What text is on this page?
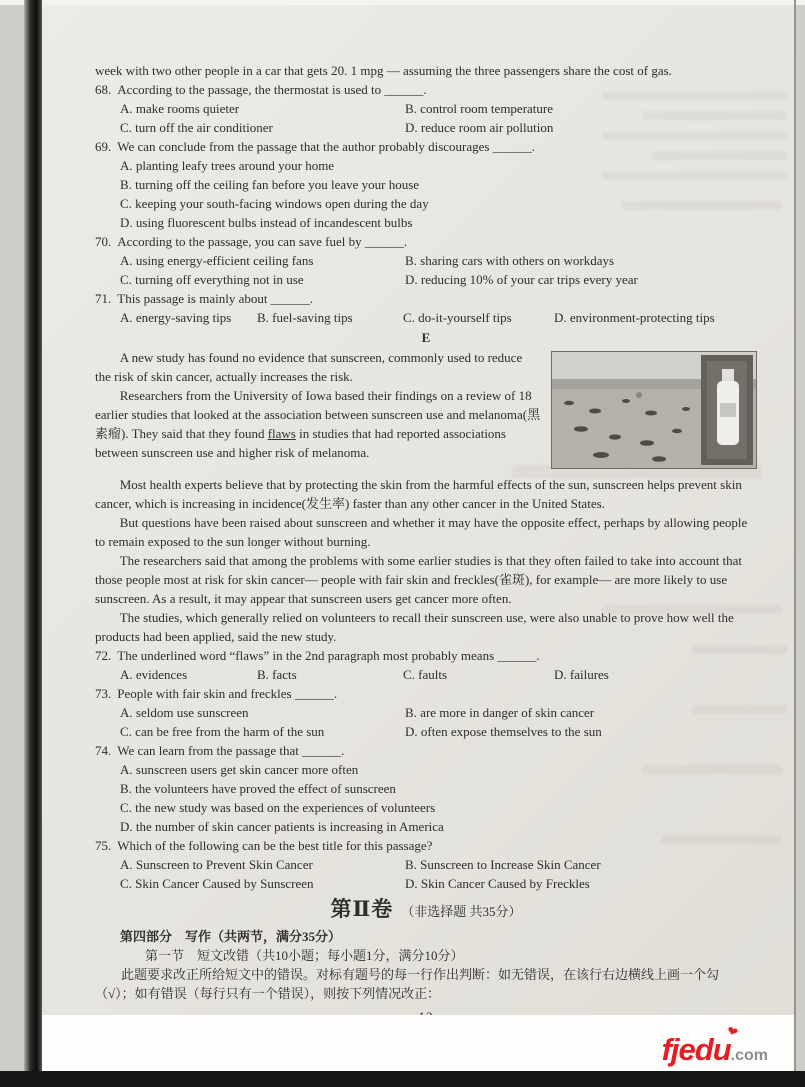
week with two other people in a car that gets 20. 1 mpg — assuming the three passengers share the cost of gas.

68. According to the passage, the thermostat is used to ______.
A. make rooms quieter	B. control room temperature
C. turn off the air conditioner	D. reduce room air pollution
69. We can conclude from the passage that the author probably discourages ______.
A. planting leafy trees around your home
B. turning off the ceiling fan before you leave your house
C. keeping your south-facing windows open during the day
D. using fluorescent bulbs instead of incandescent bulbs
70. According to the passage, you can save fuel by ______.
A. using energy-efficient ceiling fans	B. sharing cars with others on workdays
C. turning off everything not in use	D. reducing 10% of your car trips every year
71. This passage is mainly about ______.
A. energy-saving tips	B. fuel-saving tips	C. do-it-yourself tips	D. environment-protecting tips
E

A new study has found no evidence that sunscreen, commonly used to reduce the risk of skin cancer, actually increases the risk.

Researchers from the University of Iowa based their findings on a review of 18 earlier studies that looked at the association between sunscreen use and melanoma(黑素瘤). They said that they found flaws in studies that had reported associations between sunscreen use and higher risk of melanoma.

Most health experts believe that by protecting the skin from the harmful effects of the sun, sunscreen helps prevent skin cancer, which is increasing in incidence(发生率) faster than any other cancer in the United States.

But questions have been raised about sunscreen and whether it may have the opposite effect, perhaps by allowing people to remain exposed to the sun longer without burning.

The researchers said that among the problems with some earlier studies is that they often failed to take into account that those people most at risk for skin cancer— people with fair skin and freckles(雀斑), for example— are more likely to use sunscreen. As a result, it may appear that sunscreen users get cancer more often.

The studies, which generally relied on volunteers to recall their sunscreen use, were also unable to prove how well the products had been applied, said the new study.

72. The underlined word “flaws” in the 2nd paragraph most probably means ______.
A. evidences	B. facts	C. faults	D. failures
73. People with fair skin and freckles ______.
A. seldom use sunscreen	B. are more in danger of skin cancer
C. can be free from the harm of the sun	D. often expose themselves to the sun
74. We can learn from the passage that ______.
A. sunscreen users get skin cancer more often
B. the volunteers have proved the effect of sunscreen
C. the new study was based on the experiences of volunteers
D. the number of skin cancer patients is increasing in America
75. Which of the following can be the best title for this passage?
A. Sunscreen to Prevent Skin Cancer	B. Sunscreen to Increase Skin Cancer
C. Skin Cancer Caused by Sunscreen	D. Skin Cancer Caused by Freckles
第Ⅱ卷 （非选择题 共35分）
第四部分　写作（共两节，满分35分）
第一节　短文改错（共10小题；每小题1分，满分10分）

此题要求改正所给短文中的错误。对标有题号的每一行作出判断：如无错误，在该行右边横线上画一个勾（√）；如有错误（每行只有一个错误），则按下列情况改正：

❤
fjedu.com
